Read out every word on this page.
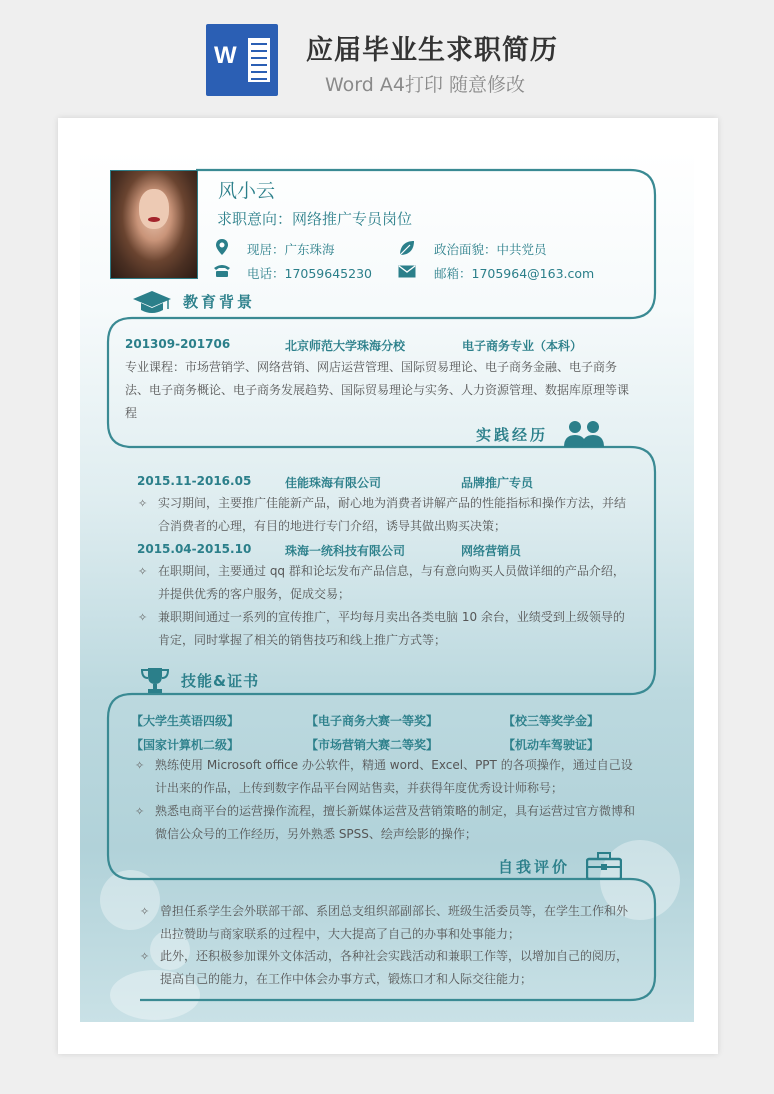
W	应届毕业生求职简历
Word A4打印 随意修改
风小云
求职意向：网络推广专员岗位
现居：广东珠海	政治面貌：中共党员
电话：17059645230	邮箱：1705964@163.com
教育背景
201309-201706	北京师范大学珠海分校	电子商务专业（本科）
专业课程：市场营销学、网络营销、网店运营管理、国际贸易理论、电子商务金融、电子商务法、电子商务概论、电子商务发展趋势、国际贸易理论与实务、人力资源管理、数据库原理等课程
实践经历
2015.11-2016.05	佳能珠海有限公司	品牌推广专员
✧ 实习期间，主要推广佳能新产品，耐心地为消费者讲解产品的性能指标和操作方法，并结合消费者的心理，有目的地进行专门介绍，诱导其做出购买决策；
2015.04-2015.10	珠海一统科技有限公司	网络营销员
✧ 在职期间，主要通过 qq 群和论坛发布产品信息，与有意向购买人员做详细的产品介绍，并提供优秀的客户服务，促成交易；
✧ 兼职期间通过一系列的宣传推广，平均每月卖出各类电脑 10 余台，业绩受到上级领导的肯定，同时掌握了相关的销售技巧和线上推广方式等；
技能&证书
【大学生英语四级】	【电子商务大赛一等奖】	【校三等奖学金】
【国家计算机二级】	【市场营销大赛二等奖】	【机动车驾驶证】
✧ 熟练使用 Microsoft office 办公软件，精通 word、Excel、PPT 的各项操作，通过自己设计出来的作品，上传到数字作品平台网站售卖，并获得年度优秀设计师称号；
✧ 熟悉电商平台的运营操作流程，擅长新媒体运营及营销策略的制定，具有运营过官方微博和微信公众号的工作经历，另外熟悉 SPSS、绘声绘影的操作；
自我评价
✧ 曾担任系学生会外联部干部、系团总支组织部副部长、班级生活委员等，在学生工作和外出拉赞助与商家联系的过程中，大大提高了自己的办事和处事能力；
✧ 此外，还积极参加课外文体活动，各种社会实践活动和兼职工作等，以增加自己的阅历，提高自己的能力，在工作中体会办事方式，锻炼口才和人际交往能力；
